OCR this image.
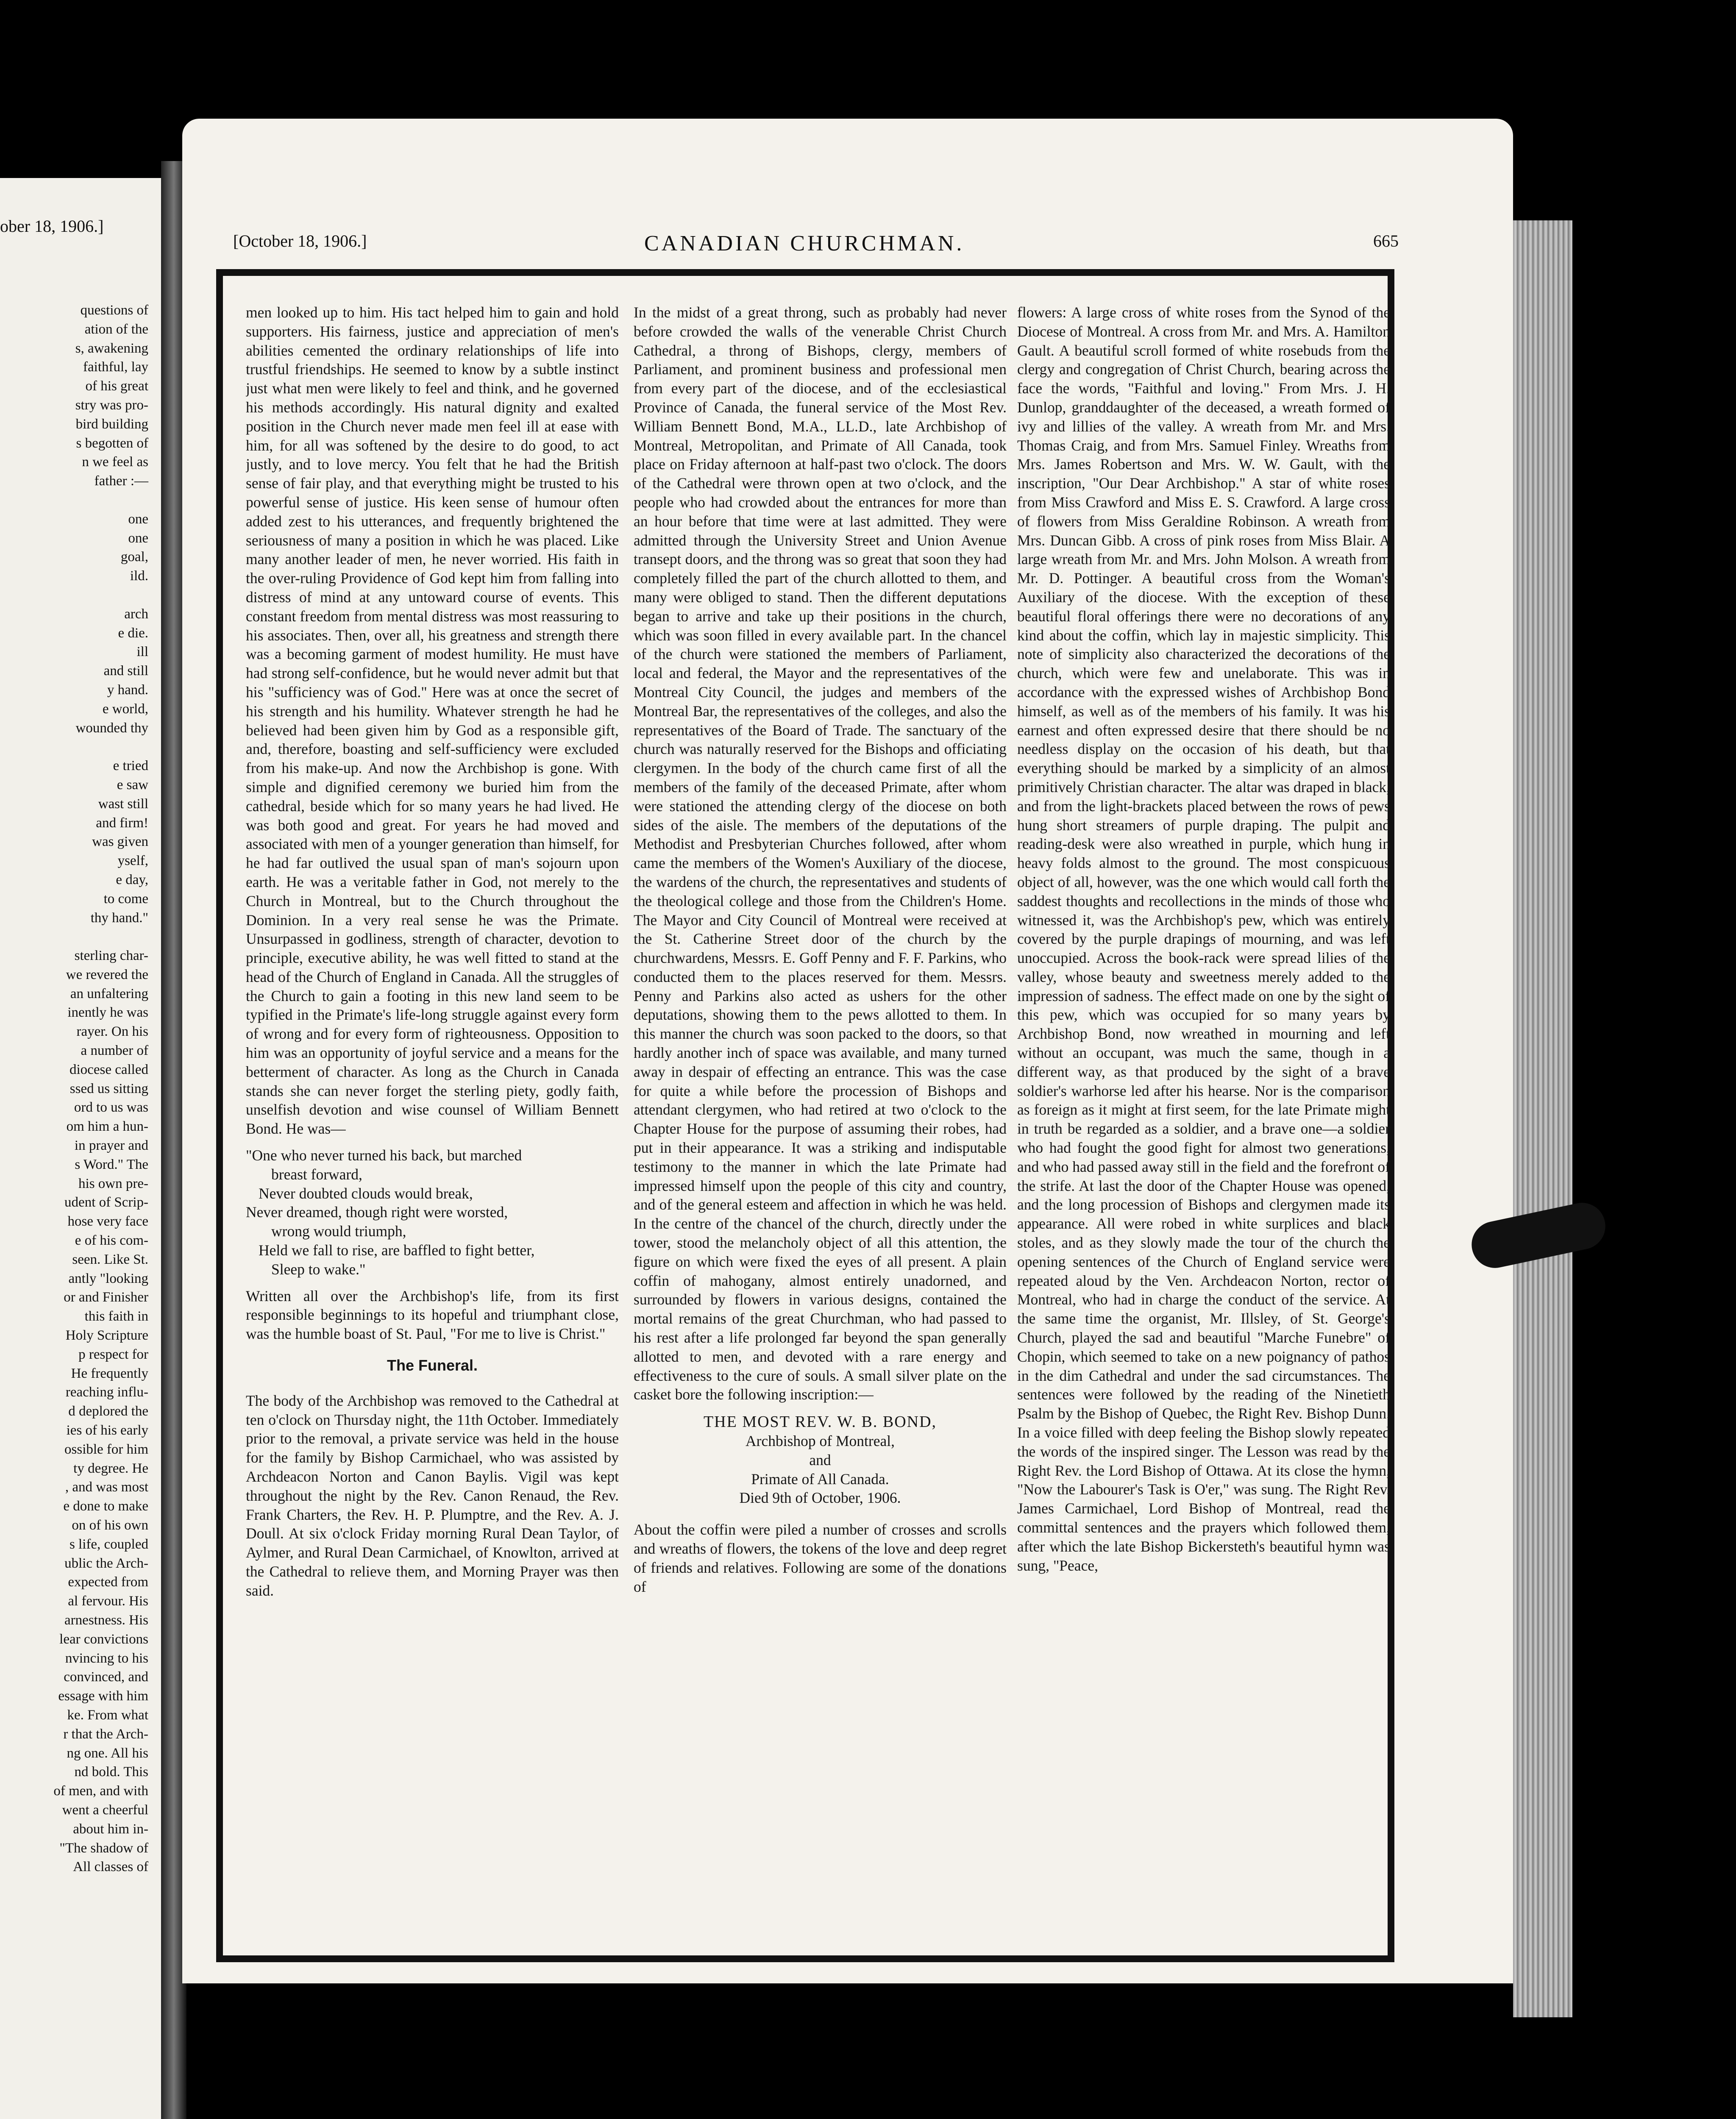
ober 18, 1906.]
questions of
ation of the
s, awakening
faithful, lay
of his great
stry was pro-
bird building
s begotten of
n we feel as
father :—

one
one
goal,
ild.

arch
e die.
ill
and still
y hand.
e world,
wounded thy

e tried
e saw
wast still
and firm!
was given
yself,
e day,
to come
thy hand."

sterling char-
we revered the
an unfaltering
inently he was
rayer. On his
a number of
diocese called
ssed us sitting
ord to us was
om him a hun-
in prayer and
s Word." The
his own pre-
udent of Scrip-
hose very face
e of his com-
seen. Like St.
antly "looking
or and Finisher
this faith in
Holy Scripture
p respect for
He frequently
reaching influ-
d deplored the
ies of his early
ossible for him
ty degree. He
, and was most
e done to make
on of his own
s life, coupled
ublic the Arch-
expected from
al fervour. His
arnestness. His
lear convictions
nvincing to his
convinced, and
essage with him
ke. From what
r that the Arch-
ng one. All his
nd bold. This
of men, and with
went a cheerful
about him in-
"The shadow of
All classes of
[October 18, 1906.]	CANADIAN CHURCHMAN.	665

men looked up to him. His tact helped him to gain and hold supporters. His fairness, justice and appreciation of men's abilities cemented the ordinary relationships of life into trustful friendships. He seemed to know by a subtle instinct just what men were likely to feel and think, and he governed his methods accordingly. His natural dignity and exalted position in the Church never made men feel ill at ease with him, for all was softened by the desire to do good, to act justly, and to love mercy. You felt that he had the British sense of fair play, and that everything might be trusted to his powerful sense of justice. His keen sense of humour often added zest to his utterances, and frequently brightened the seriousness of many a position in which he was placed. Like many another leader of men, he never worried. His faith in the over-ruling Providence of God kept him from falling into distress of mind at any untoward course of events. This constant freedom from mental distress was most reassuring to his associates. Then, over all, his greatness and strength there was a becoming garment of modest humility. He must have had strong self-confidence, but he would never admit but that his "sufficiency was of God." Here was at once the secret of his strength and his humility. Whatever strength he had he believed had been given him by God as a responsible gift, and, therefore, boasting and self-sufficiency were excluded from his make-up. And now the Archbishop is gone. With simple and dignified ceremony we buried him from the cathedral, beside which for so many years he had lived. He was both good and great. For years he had moved and associated with men of a younger generation than himself, for he had far outlived the usual span of man's sojourn upon earth. He was a veritable father in God, not merely to the Church in Montreal, but to the Church throughout the Dominion. In a very real sense he was the Primate. Unsurpassed in godliness, strength of character, devotion to principle, executive ability, he was well fitted to stand at the head of the Church of England in Canada. All the struggles of the Church to gain a footing in this new land seem to be typified in the Primate's life-long struggle against every form of wrong and for every form of righteousness. Opposition to him was an opportunity of joyful service and a means for the betterment of character. As long as the Church in Canada stands she can never forget the sterling piety, godly faith, unselfish devotion and wise counsel of William Bennett Bond. He was—

"One who never turned his back, but marched
breast forward,
Never doubted clouds would break,
Never dreamed, though right were worsted,
wrong would triumph,
Held we fall to rise, are baffled to fight better,
Sleep to wake."

Written all over the Archbishop's life, from its first responsible beginnings to its hopeful and triumphant close, was the humble boast of St. Paul, "For me to live is Christ."

The Funeral.

The body of the Archbishop was removed to the Cathedral at ten o'clock on Thursday night, the 11th October. Immediately prior to the removal, a private service was held in the house for the family by Bishop Carmichael, who was assisted by Archdeacon Norton and Canon Baylis. Vigil was kept throughout the night by the Rev. Canon Renaud, the Rev. Frank Charters, the Rev. H. P. Plumptre, and the Rev. A. J. Doull. At six o'clock Friday morning Rural Dean Taylor, of Aylmer, and Rural Dean Carmichael, of Knowlton, arrived at the Cathedral to relieve them, and Morning Prayer was then said.

In the midst of a great throng, such as probably had never before crowded the walls of the venerable Christ Church Cathedral, a throng of Bishops, clergy, members of Parliament, and prominent business and professional men from every part of the diocese, and of the ecclesiastical Province of Canada, the funeral service of the Most Rev. William Bennett Bond, M.A., LL.D., late Archbishop of Montreal, Metropolitan, and Primate of All Canada, took place on Friday afternoon at half-past two o'clock. The doors of the Cathedral were thrown open at two o'clock, and the people who had crowded about the entrances for more than an hour before that time were at last admitted. They were admitted through the University Street and Union Avenue transept doors, and the throng was so great that soon they had completely filled the part of the church allotted to them, and many were obliged to stand. Then the different deputations began to arrive and take up their positions in the church, which was soon filled in every available part. In the chancel of the church were stationed the members of Parliament, local and federal, the Mayor and the representatives of the Montreal City Council, the judges and members of the Montreal Bar, the representatives of the colleges, and also the representatives of the Board of Trade. The sanctuary of the church was naturally reserved for the Bishops and officiating clergymen. In the body of the church came first of all the members of the family of the deceased Primate, after whom were stationed the attending clergy of the diocese on both sides of the aisle. The members of the deputations of the Methodist and Presbyterian Churches followed, after whom came the members of the Women's Auxiliary of the diocese, the wardens of the church, the representatives and students of the theological college and those from the Children's Home. The Mayor and City Council of Montreal were received at the St. Catherine Street door of the church by the churchwardens, Messrs. E. Goff Penny and F. F. Parkins, who conducted them to the places reserved for them. Messrs. Penny and Parkins also acted as ushers for the other deputations, showing them to the pews allotted to them. In this manner the church was soon packed to the doors, so that hardly another inch of space was available, and many turned away in despair of effecting an entrance. This was the case for quite a while before the procession of Bishops and attendant clergymen, who had retired at two o'clock to the Chapter House for the purpose of assuming their robes, had put in their appearance. It was a striking and indisputable testimony to the manner in which the late Primate had impressed himself upon the people of this city and country, and of the general esteem and affection in which he was held. In the centre of the chancel of the church, directly under the tower, stood the melancholy object of all this attention, the figure on which were fixed the eyes of all present. A plain coffin of mahogany, almost entirely unadorned, and surrounded by flowers in various designs, contained the mortal remains of the great Churchman, who had passed to his rest after a life prolonged far beyond the span generally allotted to men, and devoted with a rare energy and effectiveness to the cure of souls. A small silver plate on the casket bore the following inscription:—

THE MOST REV. W. B. BOND,
Archbishop of Montreal,
and
Primate of All Canada.
Died 9th of October, 1906.

About the coffin were piled a number of crosses and scrolls and wreaths of flowers, the tokens of the love and deep regret of friends and relatives. Following are some of the donations of

flowers: A large cross of white roses from the Synod of the Diocese of Montreal. A cross from Mr. and Mrs. A. Hamilton Gault. A beautiful scroll formed of white rosebuds from the clergy and congregation of Christ Church, bearing across the face the words, "Faithful and loving." From Mrs. J. H. Dunlop, granddaughter of the deceased, a wreath formed of ivy and lillies of the valley. A wreath from Mr. and Mrs. Thomas Craig, and from Mrs. Samuel Finley. Wreaths from Mrs. James Robertson and Mrs. W. W. Gault, with the inscription, "Our Dear Archbishop." A star of white roses from Miss Crawford and Miss E. S. Crawford. A large cross of flowers from Miss Geraldine Robinson. A wreath from Mrs. Duncan Gibb. A cross of pink roses from Miss Blair. A large wreath from Mr. and Mrs. John Molson. A wreath from Mr. D. Pottinger. A beautiful cross from the Woman's Auxiliary of the diocese. With the exception of these beautiful floral offerings there were no decorations of any kind about the coffin, which lay in majestic simplicity. This note of simplicity also characterized the decorations of the church, which were few and unelaborate. This was in accordance with the expressed wishes of Archbishop Bond himself, as well as of the members of his family. It was his earnest and often expressed desire that there should be no needless display on the occasion of his death, but that everything should be marked by a simplicity of an almost primitively Christian character. The altar was draped in black, and from the light-brackets placed between the rows of pews hung short streamers of purple draping. The pulpit and reading-desk were also wreathed in purple, which hung in heavy folds almost to the ground. The most conspicuous object of all, however, was the one which would call forth the saddest thoughts and recollections in the minds of those who witnessed it, was the Archbishop's pew, which was entirely covered by the purple drapings of mourning, and was left unoccupied. Across the book-rack were spread lilies of the valley, whose beauty and sweetness merely added to the impression of sadness. The effect made on one by the sight of this pew, which was occupied for so many years by Archbishop Bond, now wreathed in mourning and left without an occupant, was much the same, though in a different way, as that produced by the sight of a brave soldier's warhorse led after his hearse. Nor is the comparison as foreign as it might at first seem, for the late Primate might in truth be regarded as a soldier, and a brave one—a soldier who had fought the good fight for almost two generations, and who had passed away still in the field and the forefront of the strife. At last the door of the Chapter House was opened, and the long procession of Bishops and clergymen made its appearance. All were robed in white surplices and black stoles, and as they slowly made the tour of the church the opening sentences of the Church of England service were repeated aloud by the Ven. Archdeacon Norton, rector of Montreal, who had in charge the conduct of the service. At the same time the organist, Mr. Illsley, of St. George's Church, played the sad and beautiful "Marche Funebre" of Chopin, which seemed to take on a new poignancy of pathos in the dim Cathedral and under the sad circumstances. The sentences were followed by the reading of the Ninetieth Psalm by the Bishop of Quebec, the Right Rev. Bishop Dunn. In a voice filled with deep feeling the Bishop slowly repeated the words of the inspired singer. The Lesson was read by the Right Rev. the Lord Bishop of Ottawa. At its close the hymn, "Now the Labourer's Task is O'er," was sung. The Right Rev. James Carmichael, Lord Bishop of Montreal, read the committal sentences and the prayers which followed them, after which the late Bishop Bickersteth's beautiful hymn was sung, "Peace,
